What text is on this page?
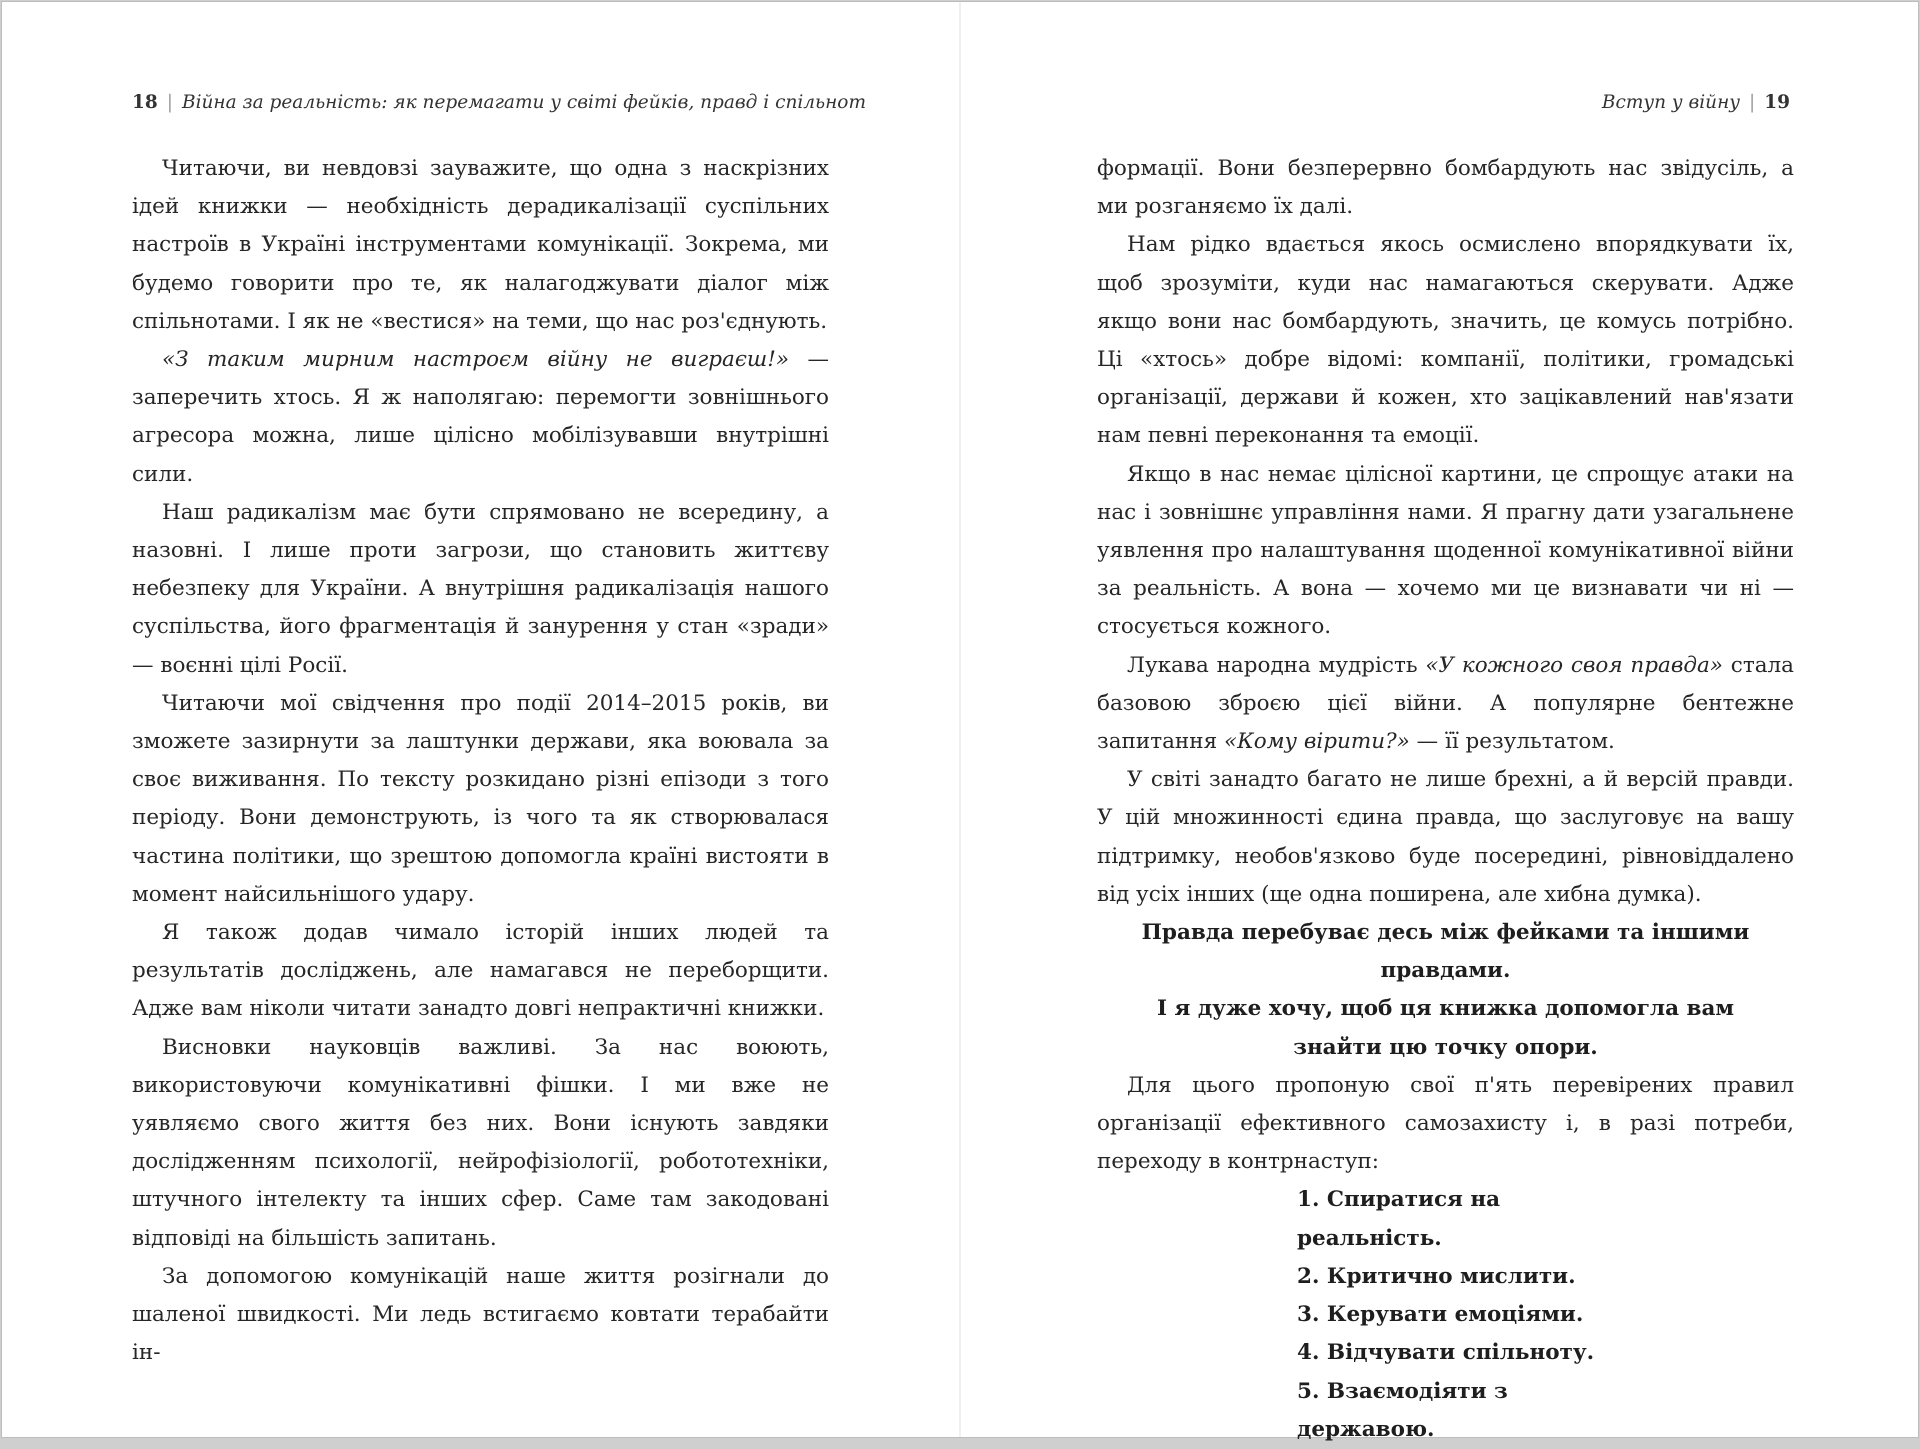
18 | Війна за реальність: як перемагати у світі фейків, правд і спільнот

Читаючи, ви невдовзі зауважите, що одна з наскрізних ідей книжки — необхідність дерадикалізації суспільних настроїв в Україні інструментами комунікації. Зокрема, ми будемо говорити про те, як налагоджувати діалог між спільнотами. І як не «вестися» на теми, що нас роз'єднують.

«З таким мирним настроєм війну не виграєш!» — заперечить хтось. Я ж наполягаю: перемогти зовнішнього агресора можна, лише цілісно мобілізувавши внутрішні сили.

Наш радикалізм має бути спрямовано не всередину, а назовні. І лише проти загрози, що становить життєву небезпеку для України. А внутрішня радикалізація нашого суспільства, його фрагментація й занурення у стан «зради» — воєнні цілі Росії.

Читаючи мої свідчення про події 2014–2015 років, ви зможете зазирнути за лаштунки держави, яка воювала за своє виживання. По тексту розкидано різні епізоди з того періоду. Вони демонструють, із чого та як створювалася частина політики, що зрештою допомогла країні вистояти в момент найсильнішого удару.

Я також додав чимало історій інших людей та результатів досліджень, але намагався не переборщити. Адже вам ніколи читати занадто довгі непрактичні книжки.

Висновки науковців важливі. За нас воюють, використовуючи комунікативні фішки. І ми вже не уявляємо свого життя без них. Вони існують завдяки дослідженням психології, нейрофізіології, робототехніки, штучного інтелекту та інших сфер. Саме там закодовані відповіді на більшість запитань.

За допомогою комунікацій наше життя розігнали до шаленої швидкості. Ми ледь встигаємо ковтати терабайти ін-

Вступ у війну | 19

формації. Вони безперервно бомбардують нас звідусіль, а ми розганяємо їх далі.

Нам рідко вдається якось осмислено впорядкувати їх, щоб зрозуміти, куди нас намагаються скерувати. Адже якщо вони нас бомбардують, значить, це комусь потрібно. Ці «хтось» добре відомі: компанії, політики, громадські організації, держави й кожен, хто зацікавлений нав'язати нам певні переконання та емоції.

Якщо в нас немає цілісної картини, це спрощує атаки на нас і зовнішнє управління нами. Я прагну дати узагальнене уявлення про налаштування щоденної комунікативної війни за реальність. А вона — хочемо ми це визнавати чи ні — стосується кожного.

Лукава народна мудрість «У кожного своя правда» стала базовою зброєю цієї війни. А популярне бентежне запитання «Кому вірити?» — її результатом.

У світі занадто багато не лише брехні, а й версій правди. У цій множинності єдина правда, що заслуговує на вашу підтримку, необов'язково буде посередині, рівновіддалено від усіх інших (ще одна поширена, але хибна думка).

Правда перебуває десь між фейками та іншими правдами.

І я дуже хочу, щоб ця книжка допомогла вам

знайти цю точку опори.

Для цього пропоную свої п'ять перевірених правил організації ефективного самозахисту і, в разі потреби, переходу в контрнаступ:

1. Спиратися на реальність.
2. Критично мислити.
3. Керувати емоціями.
4. Відчувати спільноту.
5. Взаємодіяти з державою.
